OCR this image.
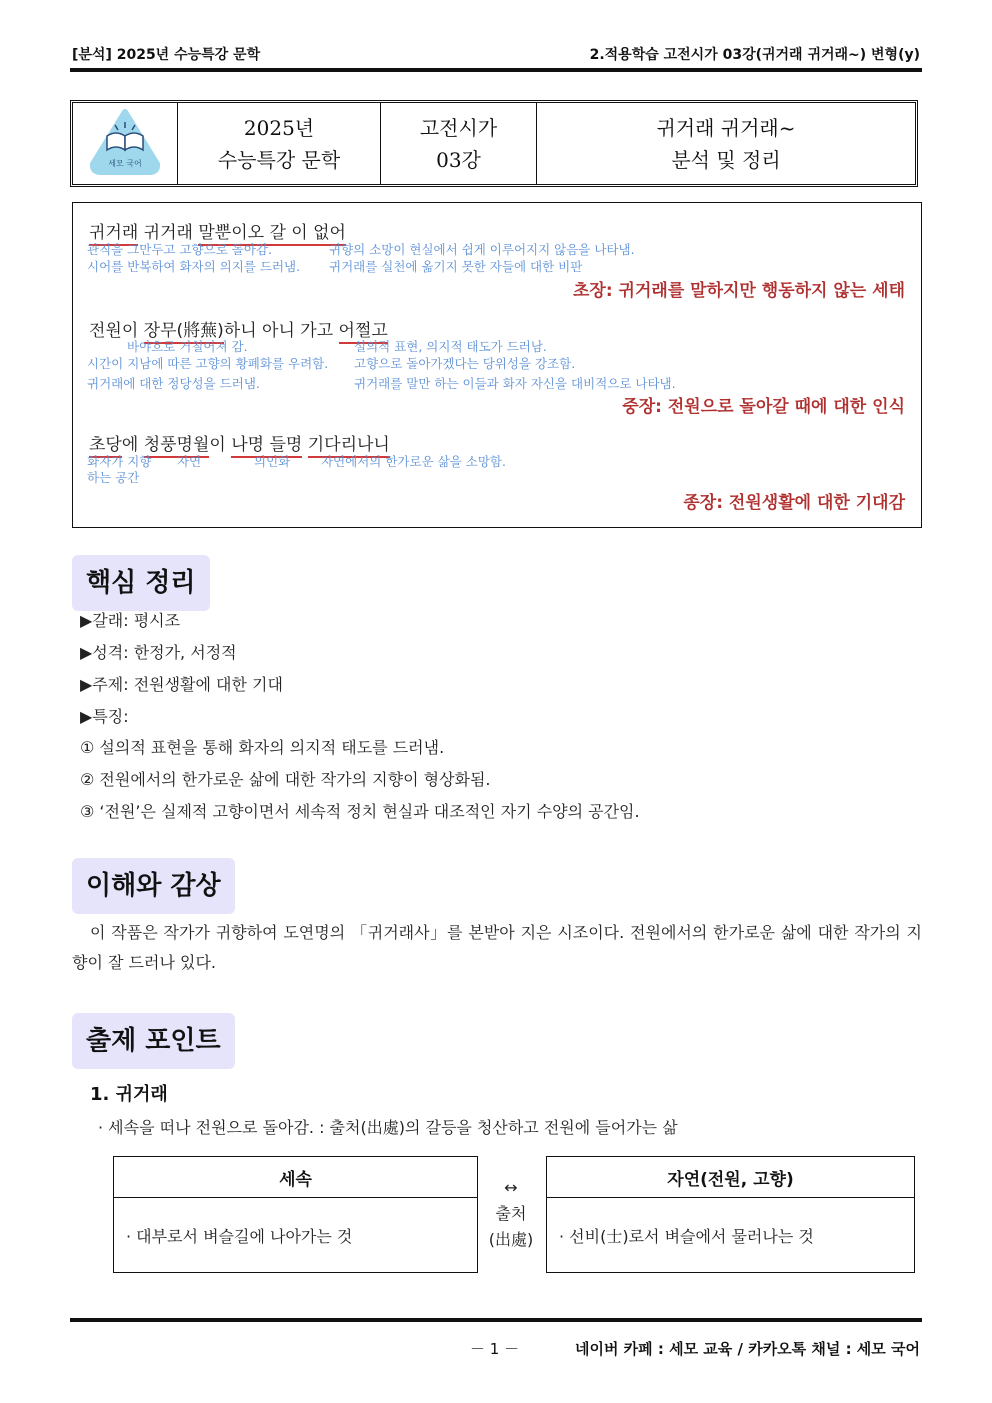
[분석] 2025년 수능특강 문학	2.적용학습 고전시가 03강(귀거래 귀거래~) 변형(y)
세모 국어
2025년
수능특강 문학
고전시가
03강
귀거래 귀거래~
분석 및 정리
귀거래 귀거래 말뿐이오 갈 이 없어
관직을 그만두고 고향으로 돌아감.
시어를 반복하여 화자의 의지를 드러냄.
귀향의 소망이 현실에서 쉽게 이루어지지 않음을 나타냄.
귀거래를 실천에 옮기지 못한 자들에 대한 비판
초장: 귀거래를 말하지만 행동하지 않는 세태
전원이 장무(將蕪)하니 아니 가고 어쩔고
바야흐로 거칠어져 감.
시간이 지남에 따른 고향의 황폐화를 우려함.
귀거래에 대한 정당성을 드러냄.
설의적 표현, 의지적 태도가 드러남.
고향으로 돌아가겠다는 당위성을 강조함.
귀거래를 말만 하는 이들과 화자 자신을 대비적으로 나타냄.
중장: 전원으로 돌아갈 때에 대한 인식
초당에 청풍명월이 나명 들명 기다리나니
화자가 지향
하는 공간
자연	의인화 자연에서의 한가로운 삶을 소망함.
종장: 전원생활에 대한 기대감
핵심 정리
▶갈래: 평시조
▶성격: 한정가, 서정적
▶주제: 전원생활에 대한 기대
▶특징:
① 설의적 표현을 통해 화자의 의지적 태도를 드러냄.
② 전원에서의 한가로운 삶에 대한 작가의 지향이 형상화됨.
③ ‘전원’은 실제적 고향이면서 세속적 정치 현실과 대조적인 자기 수양의 공간임.
이해와 감상
이 작품은 작가가 귀향하여 도연명의 「귀거래사」를 본받아 지은 시조이다. 전원에서의 한가로운 삶에 대한 작가의 지향이 잘 드러나 있다.
출제 포인트
1. 귀거래
· 세속을 떠나 전원으로 돌아감. : 출처(出處)의 갈등을 청산하고 전원에 들어가는 삶
세속
· 대부로서 벼슬길에 나아가는 것
↔
출처
(出處)
자연(전원, 고향)
· 선비(士)로서 벼슬에서 물러나는 것
－ 1 －	네이버 카페 : 세모 교육 / 카카오톡 채널 : 세모 국어
